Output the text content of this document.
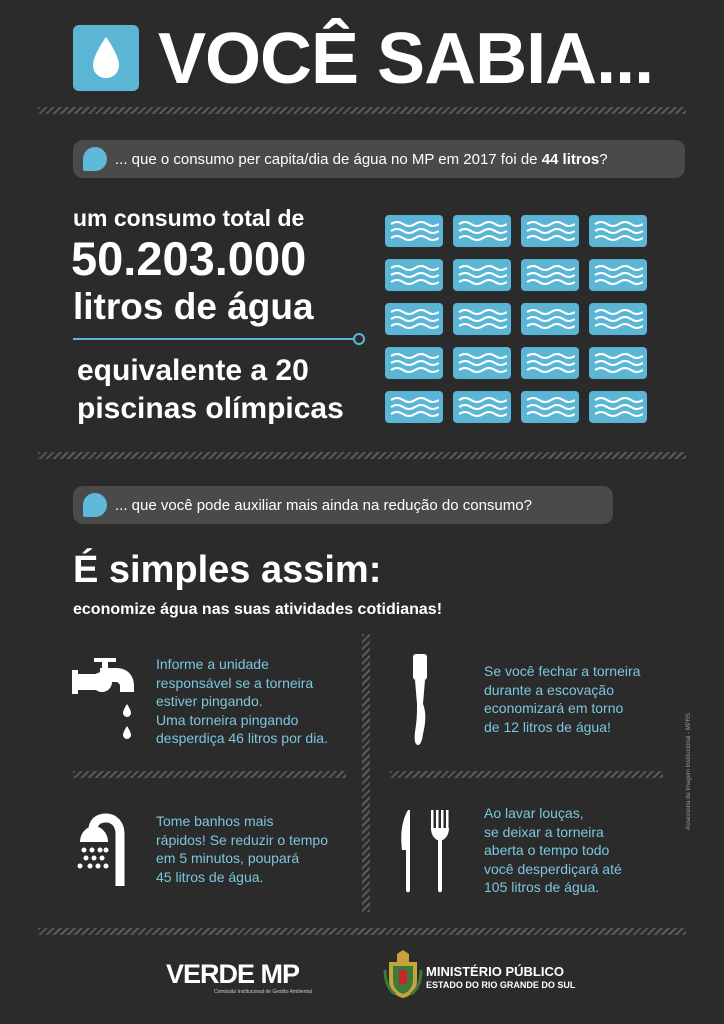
VOCÊ SABIA...
... que o consumo per capita/dia de água no MP em 2017 foi de 44 litros?
um consumo total de
50.203.000
litros de água
equivalente a 20
piscinas olímpicas
... que você pode auxiliar mais ainda na redução do consumo?
É simples assim:
economize água nas suas atividades cotidianas!
Informe a unidade
responsável se a torneira
estiver pingando.
Uma torneira pingando
desperdiça 46 litros por dia.
Se você fechar a torneira
durante a escovação
economizará em torno
de 12 litros de água!
Tome banhos mais
rápidos! Se reduzir o tempo
em 5 minutos, poupará
45 litros de água.
Ao lavar louças,
se deixar a torneira
aberta o tempo todo
você desperdiçará até
105 litros de água.
Assessoria de Imagem Institucional - MPRS
VERDE MP
Comissão Institucional de Gestão Ambiental
MINISTÉRIO PÚBLICO
ESTADO DO RIO GRANDE DO SUL
